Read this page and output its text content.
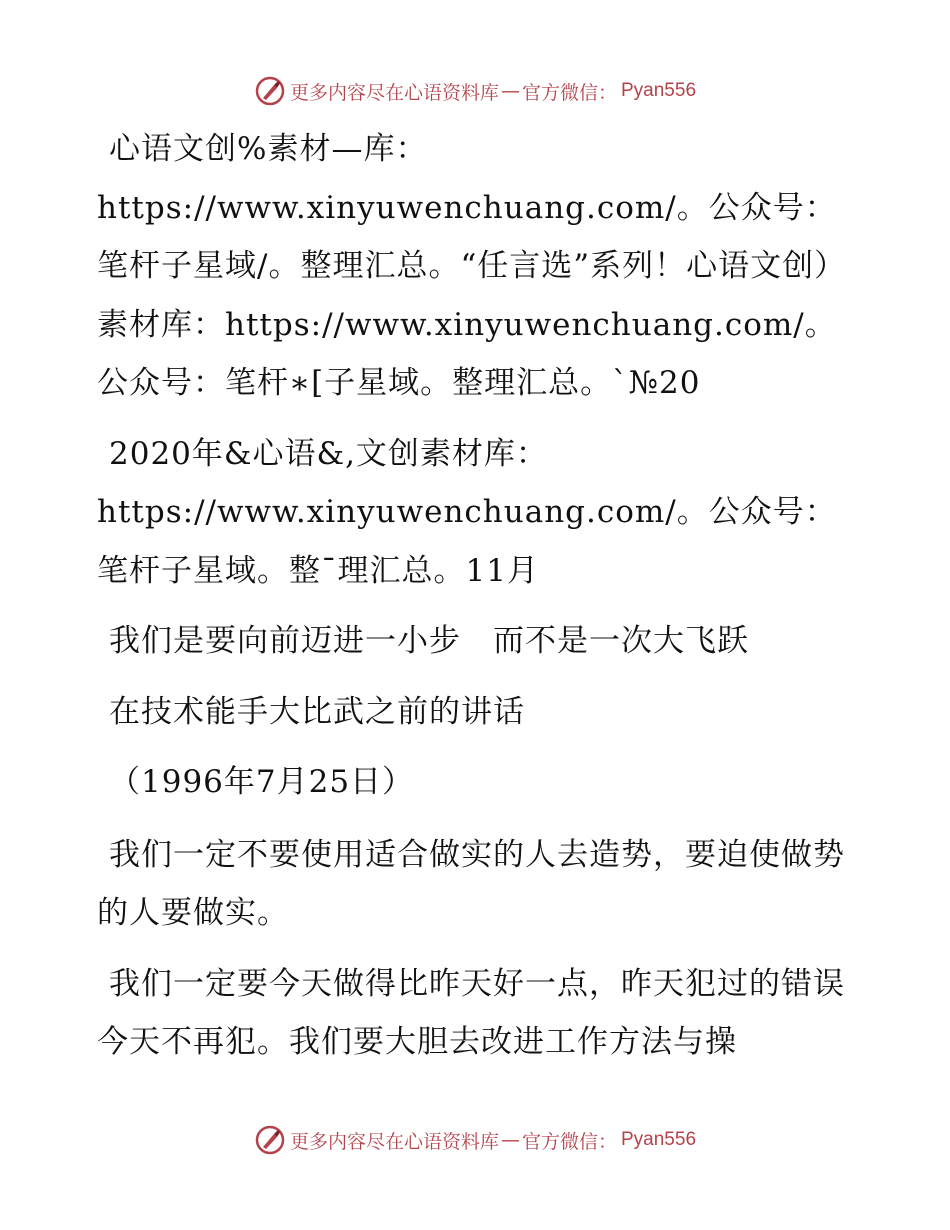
更多内容尽在心语资料库 — 官方微信： Pyan556

心语文创%素材—库：https://www.xinyuwenchuang.com/。公众号：笔杆子星域/。整理汇总。“任言选”系列！心语文创）素材库：https://www.xinyuwenchuang.com/。公众号：笔杆∗[子星域。整理汇总。`№20

2020年&心语&,文创素材库：https://www.xinyuwenchuang.com/。公众号：笔杆子星域。整¯理汇总。11月

我们是要向前迈进一小步　而不是一次大飞跃

在技术能手大比武之前的讲话

（1996年7月25日）

我们一定不要使用适合做实的人去造势，要迫使做势的人要做实。

我们一定要今天做得比昨天好一点，昨天犯过的错误今天不再犯。我们要大胆去改进工作方法与操

更多内容尽在心语资料库 — 官方微信： Pyan556
